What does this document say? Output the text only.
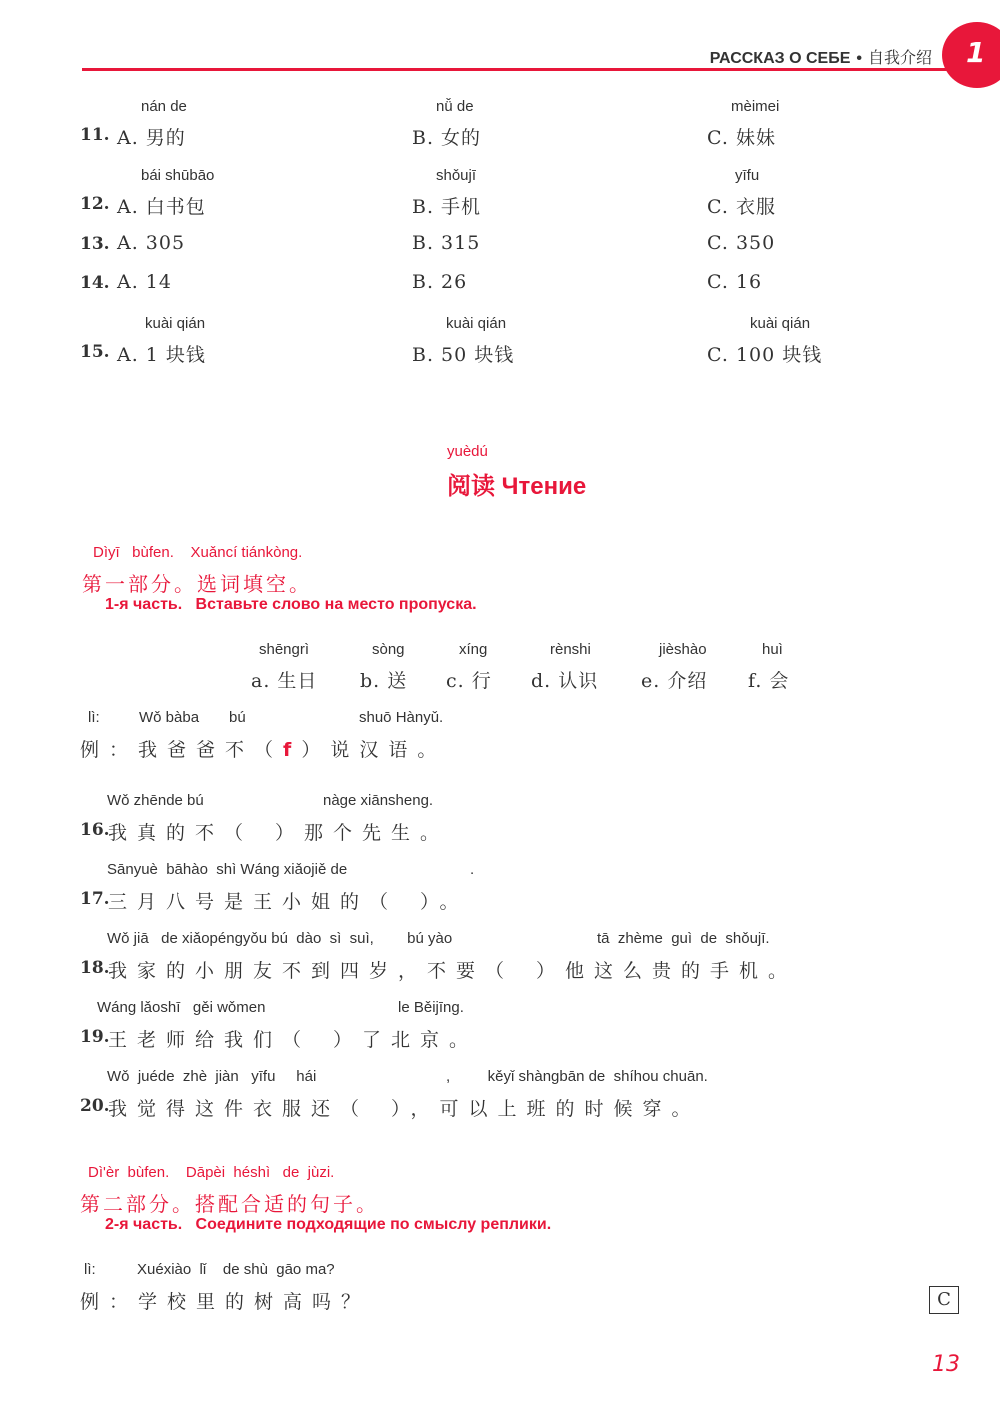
РАССКАЗ О СЕБЕ • 自我介绍 1
nán de	nǚ de	mèimei
11. A. 男的	B. 女的	C. 妹妹
bái shūbāo	shǒujī	yīfu
12. A. 白书包	B. 手机	C. 衣服
13. A. 305	B. 315	C. 350
14. A. 14	B. 26	C. 16
kuài qián	kuài qián	kuài qián
15. A. 1 块钱	B. 50 块钱	C. 100 块钱
yuèdú
阅读 Чтение
Dìyī   bùfen.    Xuǎncí tiánkòng.
第一部分。选词填空。
1-я часть.   Вставьте слово на место пропуска.
shēngrì	sòng	xíng	rènshi	jièshào	huì
a. 生日 b. 送 c. 行 d. 认识 e. 介绍 f. 会
lì:	Wǒ bàba bú	shuō Hànyǔ.
例：我爸爸不（f）说汉语。
Wǒ zhēnde bú	nàge xiānsheng.
16.
我真的不（ ）那个先生。
Sānyuè  bāhào  shì Wáng xiǎojiě de	.
17.
三月八号是王小姐的（ ）。
Wǒ jiā   de xiǎopéngyǒu bú  dào  sì  suì,        bú yào	tā  zhème  guì  de  shǒujī.
18.
我家的小朋友不到四岁，不要（ ）他这么贵的手机。
Wáng lǎoshī   gěi wǒmen	le Běijīng.
19.
王老师给我们（ ）了北京。
Wǒ  juéde  zhè  jiàn   yīfu     hái	,         kěyǐ shàngbān de  shíhou chuān.
20.
我觉得这件衣服还（ ），可以上班的时候穿。
Dì'èr  bùfen.    Dāpèi  héshì   de  jùzi.
第二部分。搭配合适的句子。
2-я часть.   Соедините подходящие по смыслу реплики.
lì:	Xuéxiào  lǐ    de shù  gāo ma?
例：学校里的树高吗？	C
13
